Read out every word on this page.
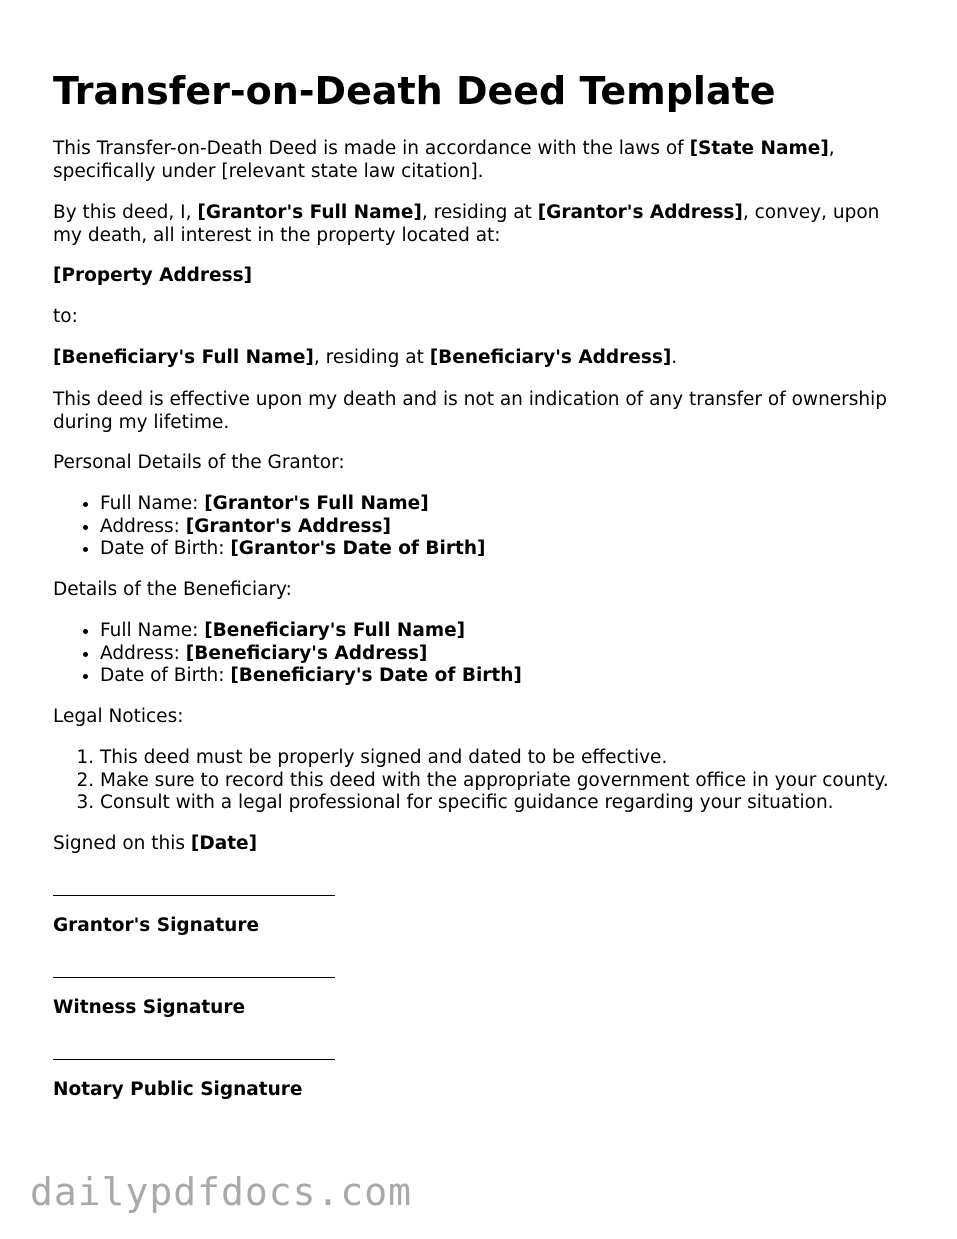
Transfer-on-Death Deed Template

This Transfer-on-Death Deed is made in accordance with the laws of [State Name], specifically under [relevant state law citation].

By this deed, I, [Grantor's Full Name], residing at [Grantor's Address], convey, upon my death, all interest in the property located at:

[Property Address]

to:

[Beneficiary's Full Name], residing at [Beneficiary's Address].

This deed is effective upon my death and is not an indication of any transfer of ownership during my lifetime.

Personal Details of the Grantor:

• Full Name: [Grantor's Full Name]
• Address: [Grantor's Address]
• Date of Birth: [Grantor's Date of Birth]

Details of the Beneficiary:

• Full Name: [Beneficiary's Full Name]
• Address: [Beneficiary's Address]
• Date of Birth: [Beneficiary's Date of Birth]

Legal Notices:

1. This deed must be properly signed and dated to be effective.
2. Make sure to record this deed with the appropriate government office in your county.
3. Consult with a legal professional for specific guidance regarding your situation.

Signed on this [Date]

Grantor's Signature

Witness Signature

Notary Public Signature

dailypdfdocs.com
